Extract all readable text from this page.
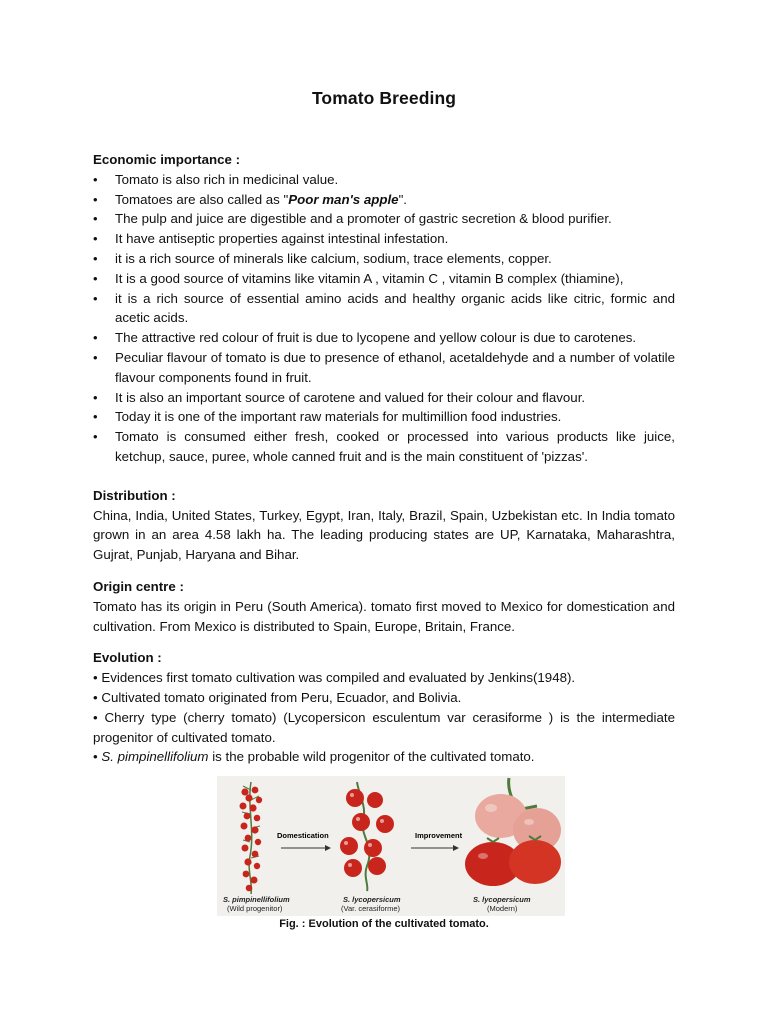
Tomato Breeding
Economic importance :
• Tomato is also rich in medicinal value.
• Tomatoes are also called as "Poor man's apple".
• The pulp and juice are digestible and a promoter of gastric secretion & blood purifier.
• It have antiseptic properties against intestinal infestation.
• it is a rich source of minerals like calcium, sodium, trace elements, copper.
• It is a good source of vitamins like vitamin A , vitamin C , vitamin B complex (thiamine),
• it is a rich source of essential amino acids and healthy organic acids like citric, formic and acetic acids.
• The attractive red colour of fruit is due to lycopene and yellow colour is due to carotenes.
• Peculiar flavour of tomato is due to presence of ethanol, acetaldehyde and a number of volatile flavour components found in fruit.
• It is also an important source of carotene and valued for their colour and flavour.
• Today it is one of the important raw materials for multimillion food industries.
• Tomato is consumed either fresh, cooked or processed into various products like juice, ketchup, sauce, puree, whole canned fruit and is the main constituent of 'pizzas'.
Distribution :

China, India, United States, Turkey, Egypt, Iran, Italy, Brazil, Spain, Uzbekistan etc. In India tomato grown in an area 4.58 lakh ha. The leading producing states are UP, Karnataka, Maharashtra, Gujrat, Punjab, Haryana and Bihar.

Origin centre :

Tomato has its origin in Peru (South America). tomato first moved to Mexico for domestication and cultivation. From Mexico is distributed to Spain, Europe, Britain, France.

Evolution :

• Evidences first tomato cultivation was compiled and evaluated by Jenkins(1948).

• Cultivated tomato originated from Peru, Ecuador, and Bolivia.

• Cherry type (cherry tomato) (Lycopersicon esculentum var cerasiforme ) is the intermediate progenitor of cultivated tomato.

• S. pimpinellifolium is the probable wild progenitor of the cultivated tomato.

Domestication	Improvement
S. pimpinellifolium
(Wild progenitor)
S. lycopersicum
(Var. cerasiforme)
S. lycopersicum
(Modern)
Fig. : Evolution of the cultivated tomato.
